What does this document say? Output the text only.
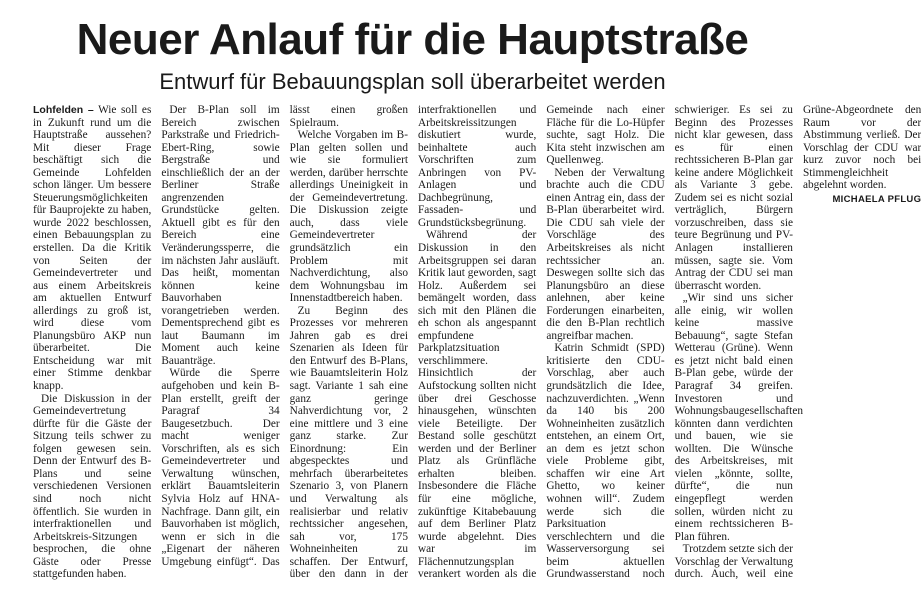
Neuer Anlauf für die Hauptstraße
Entwurf für Bebauungsplan soll überarbeitet werden

Lohfelden – Wie soll es in Zukunft rund um die Hauptstraße aussehen? Mit dieser Frage beschäftigt sich die Gemeinde Lohfelden schon länger. Um bessere Steuerungsmöglichkeiten für Bauprojekte zu haben, wurde 2022 beschlossen, einen Bebauungsplan zu erstellen. Da die Kritik von Seiten der Gemeindevertreter und aus einem Arbeitskreis am aktuellen Entwurf allerdings zu groß ist, wird diese vom Planungsbüro AKP nun überarbeitet. Die Entscheidung war mit einer Stimme denkbar knapp.

Die Diskussion in der Gemeindevertretung dürfte für die Gäste der Sitzung teils schwer zu folgen gewesen sein. Denn der Entwurf des B-Plans und seine verschiedenen Versionen sind noch nicht öffentlich. Sie wurden in interfraktionellen und Arbeitskreis-Sitzungen besprochen, die ohne Gäste oder Presse stattgefunden haben.

Der B-Plan soll im Bereich zwischen Parkstraße und Friedrich-Ebert-Ring, sowie Bergstraße und einschließlich der an der Berliner Straße angrenzenden Grundstücke gelten. Aktuell gibt es für den Bereich eine Veränderungssperre, die im nächsten Jahr ausläuft. Das heißt, momentan können keine Bauvorhaben vorangetrieben werden. Dementsprechend gibt es laut Baumann im Moment auch keine Bauanträge.

Würde die Sperre aufgehoben und kein B-Plan erstellt, greift der Paragraf 34 Baugesetzbuch. Der macht weniger Vorschriften, als es sich Gemeindevertreter und Verwaltung wünschen, erklärt Bauamtsleiterin Sylvia Holz auf HNA-Nachfrage. Dann gilt, ein Bauvorhaben ist möglich, wenn er sich in die „Eigenart der näheren Umgebung einfügt“. Das lässt einen großen Spielraum.

Welche Vorgaben im B-Plan gelten sollen und wie sie formuliert werden, darüber herrschte allerdings Uneinigkeit in der Gemeindevertretung. Die Diskussion zeigte auch, dass viele Gemeindevertreter grundsätzlich ein Problem mit Nachverdichtung, also dem Wohnungsbau im Innenstadtbereich haben.

Zu Beginn des Prozesses vor mehreren Jahren gab es drei Szenarien als Ideen für den Entwurf des B-Plans, wie Bauamtsleiterin Holz sagt. Variante 1 sah eine ganz geringe Nahverdichtung vor, 2 eine mittlere und 3 eine ganz starke. Zur Einordnung: Ein abgespecktes und mehrfach überarbeitetes Szenario 3, von Planern und Verwaltung als realisierbar und relativ rechtssicher angesehen, sah vor, 175 Wohneinheiten zu schaffen. Der Entwurf, über den dann in der interfraktionellen und Arbeitskreissitzungen diskutiert wurde, beinhaltete auch Vorschriften zum Anbringen von PV-Anlagen und Dachbegrünung, Fassaden- und Grundstücksbegrünung.

Während der Diskussion in den Arbeitsgruppen sei daran Kritik laut geworden, sagt Holz. Außerdem sei bemängelt worden, dass sich mit den Plänen die eh schon als angespannt empfundene Parkplatzsituation verschlimmere. Hinsichtlich der Aufstockung sollten nicht über drei Geschosse hinausgehen, wünschten viele Beteiligte. Der Bestand solle geschützt werden und der Berliner Platz als Grünfläche erhalten bleiben. Insbesondere die Fläche für eine mögliche, zukünftige Kitabebauung auf dem Berliner Platz wurde abgelehnt. Dies war im Flächennutzungsplan verankert worden als die Gemeinde nach einer Fläche für die Lo-Hüpfer suchte, sagt Holz. Die Kita steht inzwischen am Quellenweg.

Neben der Verwaltung brachte auch die CDU einen Antrag ein, dass der B-Plan überarbeitet wird. Die CDU sah viele der Vorschläge des Arbeitskreises als nicht rechtssicher an. Deswegen sollte sich das Planungsbüro an diese anlehnen, aber keine Forderungen einarbeiten, die den B-Plan rechtlich angreifbar machen.

Katrin Schmidt (SPD) kritisierte den CDU-Vorschlag, aber auch grundsätzlich die Idee, nachzuverdichten. „Wenn da 140 bis 200 Wohneinheiten zusätzlich entstehen, an einem Ort, an dem es jetzt schon viele Probleme gibt, schaffen wir eine Art Ghetto, wo keiner wohnen will“. Zudem werde sich die Parksituation verschlechtern und die Wasserversorgung sei beim aktuellen Grundwasserstand noch schwieriger. Es sei zu Beginn des Prozesses nicht klar gewesen, dass es für einen rechtssicheren B-Plan gar keine andere Möglichkeit als Variante 3 gebe. Zudem sei es nicht sozial verträglich, Bürgern vorzuschreiben, dass sie teure Begrünung und PV-Anlagen installieren müssen, sagte sie. Vom Antrag der CDU sei man überrascht worden.

„Wir sind uns sicher alle einig, wir wollen keine massive Bebauung“, sagte Stefan Wetterau (Grüne). Wenn es jetzt nicht bald einen B-Plan gebe, würde der Paragraf 34 greifen. Investoren und Wohnungsbaugesellschaften könnten dann verdichten und bauen, wie sie wollten. Die Wünsche des Arbeitskreises, mit vielen „könnte, sollte, dürfte“, die nun eingepflegt werden sollen, würden nicht zu einem rechtssicheren B-Plan führen.

Trotzdem setzte sich der Vorschlag der Verwaltung durch. Auch, weil eine Grüne-Abgeordnete den Raum vor der Abstimmung verließ. Der Vorschlag der CDU war kurz zuvor noch bei Stimmengleichheit abgelehnt worden.

MICHAELA PFLUG
